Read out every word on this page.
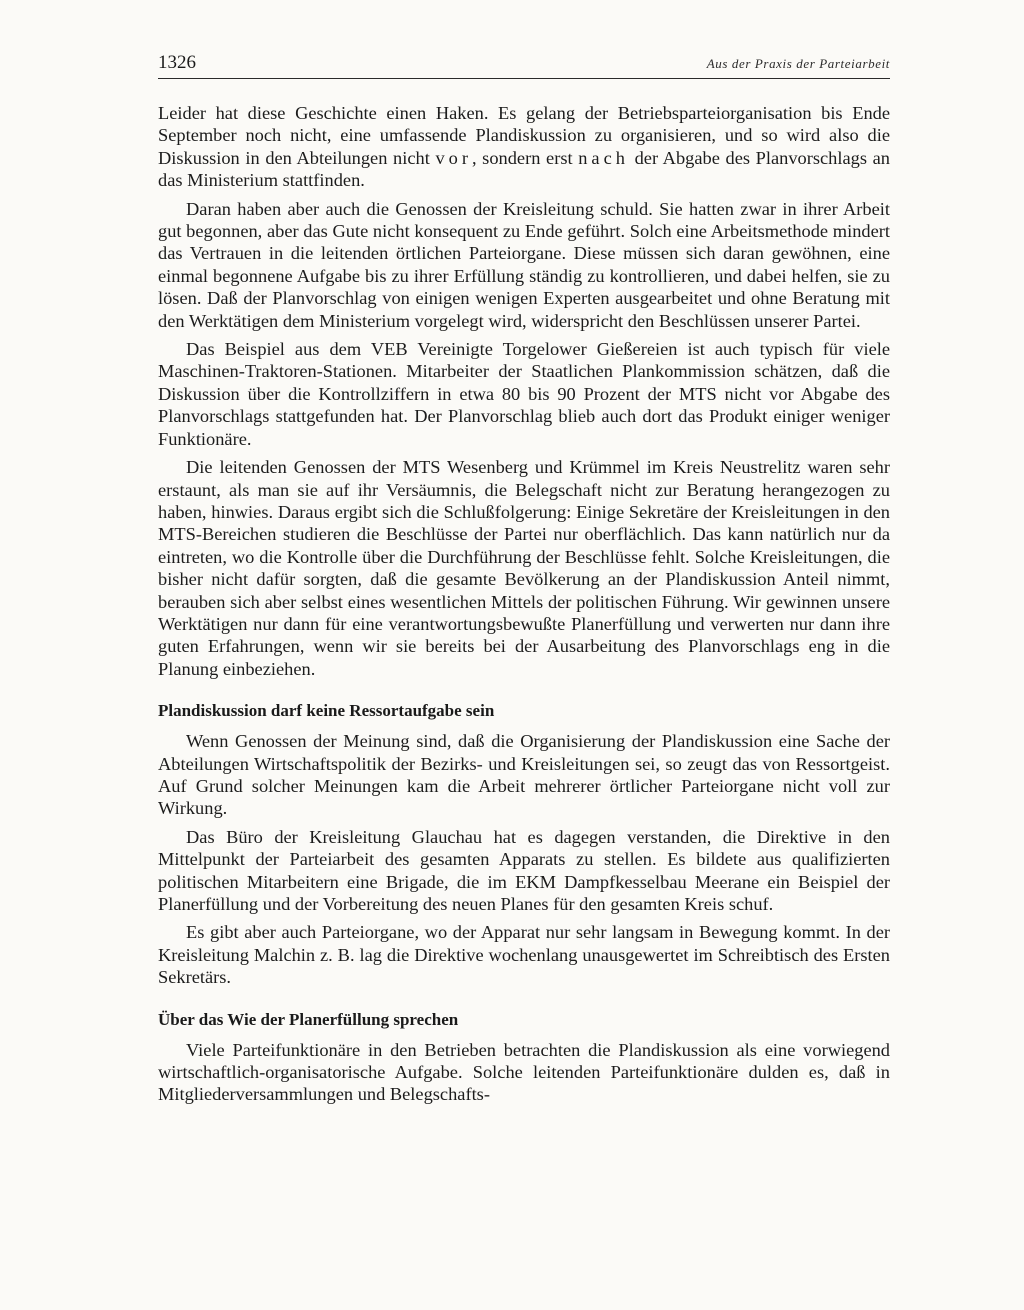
1326	Aus der Praxis der Parteiarbeit

Leider hat diese Geschichte einen Haken. Es gelang der Betriebsparteiorganisation bis Ende September noch nicht, eine umfassende Plandiskussion zu organisieren, und so wird also die Diskussion in den Abteilungen nicht vor, sondern erst nach der Abgabe des Planvorschlags an das Ministerium stattfinden.

Daran haben aber auch die Genossen der Kreisleitung schuld. Sie hatten zwar in ihrer Arbeit gut begonnen, aber das Gute nicht konsequent zu Ende geführt. Solch eine Arbeitsmethode mindert das Vertrauen in die leitenden örtlichen Parteiorgane. Diese müssen sich daran gewöhnen, eine einmal begonnene Aufgabe bis zu ihrer Erfüllung ständig zu kontrollieren, und dabei helfen, sie zu lösen. Daß der Planvorschlag von einigen wenigen Experten ausgearbeitet und ohne Beratung mit den Werktätigen dem Ministerium vorgelegt wird, widerspricht den Beschlüssen unserer Partei.

Das Beispiel aus dem VEB Vereinigte Torgelower Gießereien ist auch typisch für viele Maschinen-Traktoren-Stationen. Mitarbeiter der Staatlichen Plankommission schätzen, daß die Diskussion über die Kontrollziffern in etwa 80 bis 90 Prozent der MTS nicht vor Abgabe des Planvorschlags stattgefunden hat. Der Planvorschlag blieb auch dort das Produkt einiger weniger Funktionäre.

Die leitenden Genossen der MTS Wesenberg und Krümmel im Kreis Neustrelitz waren sehr erstaunt, als man sie auf ihr Versäumnis, die Belegschaft nicht zur Beratung herangezogen zu haben, hinwies. Daraus ergibt sich die Schlußfolgerung: Einige Sekretäre der Kreisleitungen in den MTS-Bereichen studieren die Beschlüsse der Partei nur oberflächlich. Das kann natürlich nur da eintreten, wo die Kontrolle über die Durchführung der Beschlüsse fehlt. Solche Kreisleitungen, die bisher nicht dafür sorgten, daß die gesamte Bevölkerung an der Plandiskussion Anteil nimmt, berauben sich aber selbst eines wesentlichen Mittels der politischen Führung. Wir gewinnen unsere Werktätigen nur dann für eine verantwortungsbewußte Planerfüllung und verwerten nur dann ihre guten Erfahrungen, wenn wir sie bereits bei der Ausarbeitung des Planvorschlags eng in die Planung einbeziehen.

Plandiskussion darf keine Ressortaufgabe sein

Wenn Genossen der Meinung sind, daß die Organisierung der Plandiskussion eine Sache der Abteilungen Wirtschaftspolitik der Bezirks- und Kreisleitungen sei, so zeugt das von Ressortgeist. Auf Grund solcher Meinungen kam die Arbeit mehrerer örtlicher Parteiorgane nicht voll zur Wirkung.

Das Büro der Kreisleitung Glauchau hat es dagegen verstanden, die Direktive in den Mittelpunkt der Parteiarbeit des gesamten Apparats zu stellen. Es bildete aus qualifizierten politischen Mitarbeitern eine Brigade, die im EKM Dampfkesselbau Meerane ein Beispiel der Planerfüllung und der Vorbereitung des neuen Planes für den gesamten Kreis schuf.

Es gibt aber auch Parteiorgane, wo der Apparat nur sehr langsam in Bewegung kommt. In der Kreisleitung Malchin z. B. lag die Direktive wochenlang unausgewertet im Schreibtisch des Ersten Sekretärs.

Über das Wie der Planerfüllung sprechen

Viele Parteifunktionäre in den Betrieben betrachten die Plandiskussion als eine vorwiegend wirtschaftlich-organisatorische Aufgabe. Solche leitenden Parteifunktionäre dulden es, daß in Mitgliederversammlungen und Belegschafts-
